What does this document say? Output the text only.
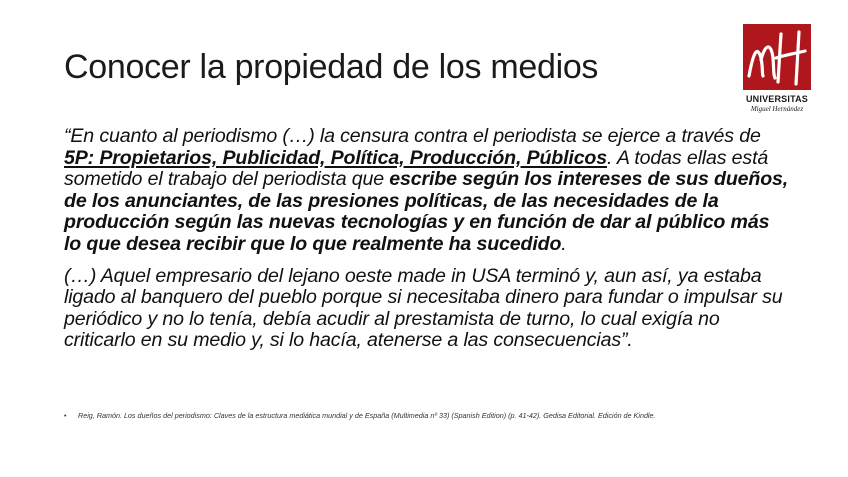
Conocer la propiedad de los medios
UNIVERSITAS
Miguel Hernández

“En cuanto al periodismo (…) la censura contra el periodista se ejerce a través de 5P: Propietarios, Publicidad, Política, Producción, Públicos. A todas ellas está sometido el trabajo del periodista que escribe según los intereses de sus dueños, de los anunciantes, de las presiones políticas, de las necesidades de la producción según las nuevas tecnologías y en función de dar al público más lo que desea recibir que lo que realmente ha sucedido.

(…) Aquel empresario del lejano oeste made in USA terminó y, aun así, ya estaba ligado al banquero del pueblo porque si necesitaba dinero para fundar o impulsar su periódico y no lo tenía, debía acudir al prestamista de turno, lo cual exigía no criticarlo en su medio y, si lo hacía, atenerse a las consecuencias”.

• Reig, Ramón. Los dueños del periodismo: Claves de la estructura mediática mundial y de España (Multimedia nº 33) (Spanish Edition) (p. 41-42). Gedisa Editorial. Edición de Kindle.
